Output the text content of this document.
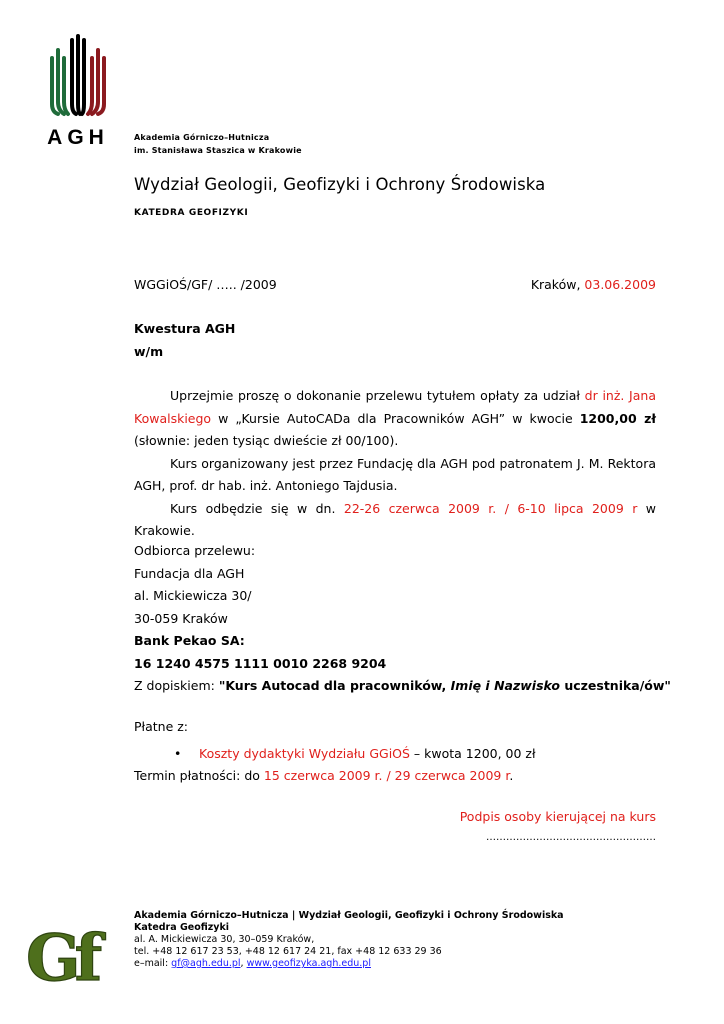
AGH	Akademia Górniczo–Hutnicza
im. Stanisława Staszica w Krakowie
Wydział Geologii, Geofizyki i Ochrony Środowiska
KATEDRA GEOFIZYKI
WGGiOŚ/GF/ ….. /2009	Kraków, 03.06.2009
Kwestura AGH
w/m

Uprzejmie proszę o dokonanie przelewu tytułem opłaty za udział dr inż. Jana Kowalskiego w „Kursie AutoCADa dla Pracowników AGH” w kwocie 1200,00 zł (słownie: jeden tysiąc dwieście zł 00/100).

Kurs organizowany jest przez Fundację dla AGH pod patronatem J. M. Rektora AGH, prof. dr hab. inż. Antoniego Tajdusia.

Kurs odbędzie się w dn. 22-26 czerwca 2009 r. / 6-10 lipca 2009 r w Krakowie.

Odbiorca przelewu:
Fundacja dla AGH
al. Mickiewicza 30/
30-059 Kraków
Bank Pekao SA:
16 1240 4575 1111 0010 2268 9204
Z dopiskiem: "Kurs Autocad dla pracowników, Imię i Nazwisko uczestnika/ów"
Płatne z:
• Koszty dydaktyki Wydziału GGiOŚ – kwota 1200, 00 zł
Termin płatności: do 15 czerwca 2009 r. / 29 czerwca 2009 r.
Podpis osoby kierującej na kurs
……………………………………………
Gf
Akademia Górniczo–Hutnicza | Wydział Geologii, Geofizyki i Ochrony Środowiska
Katedra Geofizyki
al. A. Mickiewicza 30, 30–059 Kraków,
tel. +48 12 617 23 53, +48 12 617 24 21, fax +48 12 633 29 36
e–mail: gf@agh.edu.pl, www.geofizyka.agh.edu.pl
